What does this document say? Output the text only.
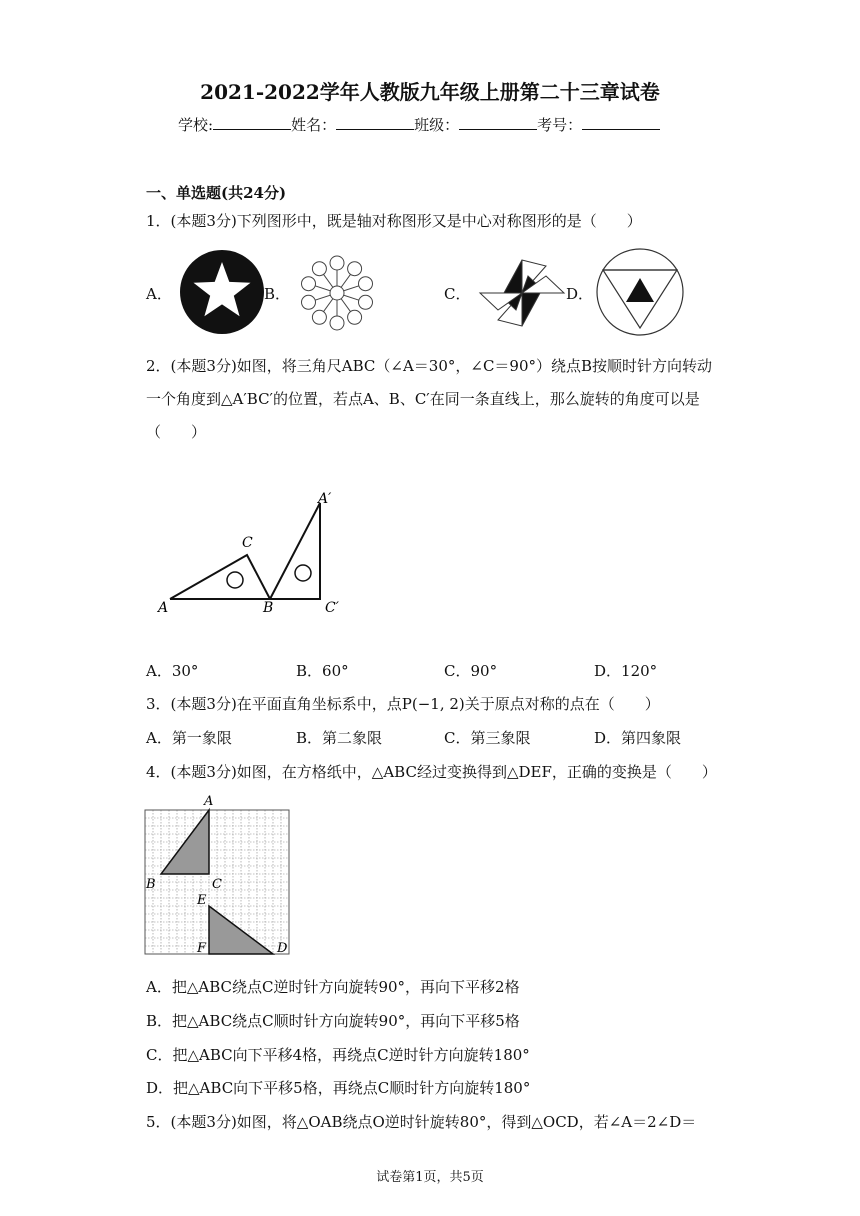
2021-2022学年人教版九年级上册第二十三章试卷
学校:	姓名：	班级：	考号：
一、单选题(共24分)
1．(本题3分)下列图形中，既是轴对称图形又是中心对称图形的是（　　）
A．	B．	C．	D．
2．(本题3分)如图，将三角尺ABC（∠A＝30°，∠C＝90°）绕点B按顺时针方向转动
一个角度到△A′BC′的位置，若点A、B、C′在同一条直线上，那么旋转的角度可以是
（　　）
A
C
B
A′
C′
A．30°	B．60°	C．90°	D．120°
3．(本题3分)在平面直角坐标系中，点P(−1, 2)关于原点对称的点在（　　）
A．第一象限	B．第二象限	C．第三象限	D．第四象限
4．(本题3分)如图，在方格纸中，△ABC经过变换得到△DEF，正确的变换是（　　）
A
B	C
E
F	D
A．把△ABC绕点C逆时针方向旋转90°，再向下平移2格
B．把△ABC绕点C顺时针方向旋转90°，再向下平移5格
C．把△ABC向下平移4格，再绕点C逆时针方向旋转180°
D．把△ABC向下平移5格，再绕点C顺时针方向旋转180°
5．(本题3分)如图，将△OAB绕点O逆时针旋转80°，得到△OCD，若∠A＝2∠D＝
试卷第1页，共5页
